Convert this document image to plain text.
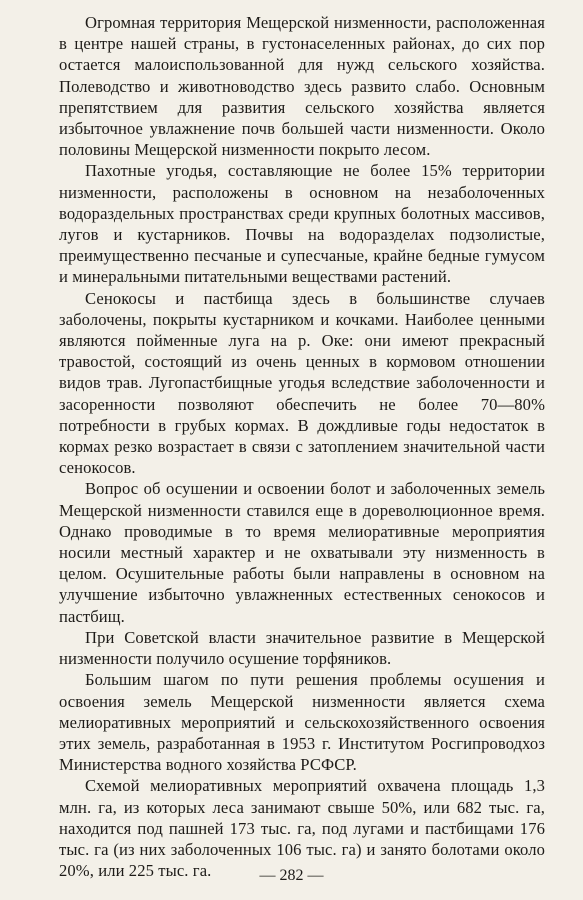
Огромная территория Мещерской низменности, расположенная в центре нашей страны, в густонаселенных районах, до сих пор остается малоиспользованной для нужд сельского хозяйства. Полеводство и животноводство здесь развито слабо. Основным препятствием для развития сельского хозяйства является избыточное увлажнение почв большей части низменности. Около половины Мещерской низменности покрыто лесом.

Пахотные угодья, составляющие не более 15% территории низменности, расположены в основном на незаболоченных водораздельных пространствах среди крупных болотных массивов, лугов и кустарников. Почвы на водоразделах подзолистые, преимущественно песчаные и супесчаные, крайне бедные гумусом и минеральными питательными веществами растений.

Сенокосы и пастбища здесь в большинстве случаев заболочены, покрыты кустарником и кочками. Наиболее ценными являются пойменные луга на р. Оке: они имеют прекрасный травостой, состоящий из очень ценных в кормовом отношении видов трав. Лугопастбищные угодья вследствие заболоченности и засоренности позволяют обеспечить не более 70—80% потребности в грубых кормах. В дождливые годы недостаток в кормах резко возрастает в связи с затоплением значительной части сенокосов.

Вопрос об осушении и освоении болот и заболоченных земель Мещерской низменности ставился еще в дореволюционное время. Однако проводимые в то время мелиоративные мероприятия носили местный характер и не охватывали эту низменность в целом. Осушительные работы были направлены в основном на улучшение избыточно увлажненных естественных сенокосов и пастбищ.

При Советской власти значительное развитие в Мещерской низменности получило осушение торфяников.

Большим шагом по пути решения проблемы осушения и освоения земель Мещерской низменности является схема мелиоративных мероприятий и сельскохозяйственного освоения этих земель, разработанная в 1953 г. Институтом Росгипроводхоз Министерства водного хозяйства РСФСР.

Схемой мелиоративных мероприятий охвачена площадь 1,3 млн. га, из которых леса занимают свыше 50%, или 682 тыс. га, находится под пашней 173 тыс. га, под лугами и пастбищами 176 тыс. га (из них заболоченных 106 тыс. га) и занято болотами около 20%, или 225 тыс. га.	— 282 —
